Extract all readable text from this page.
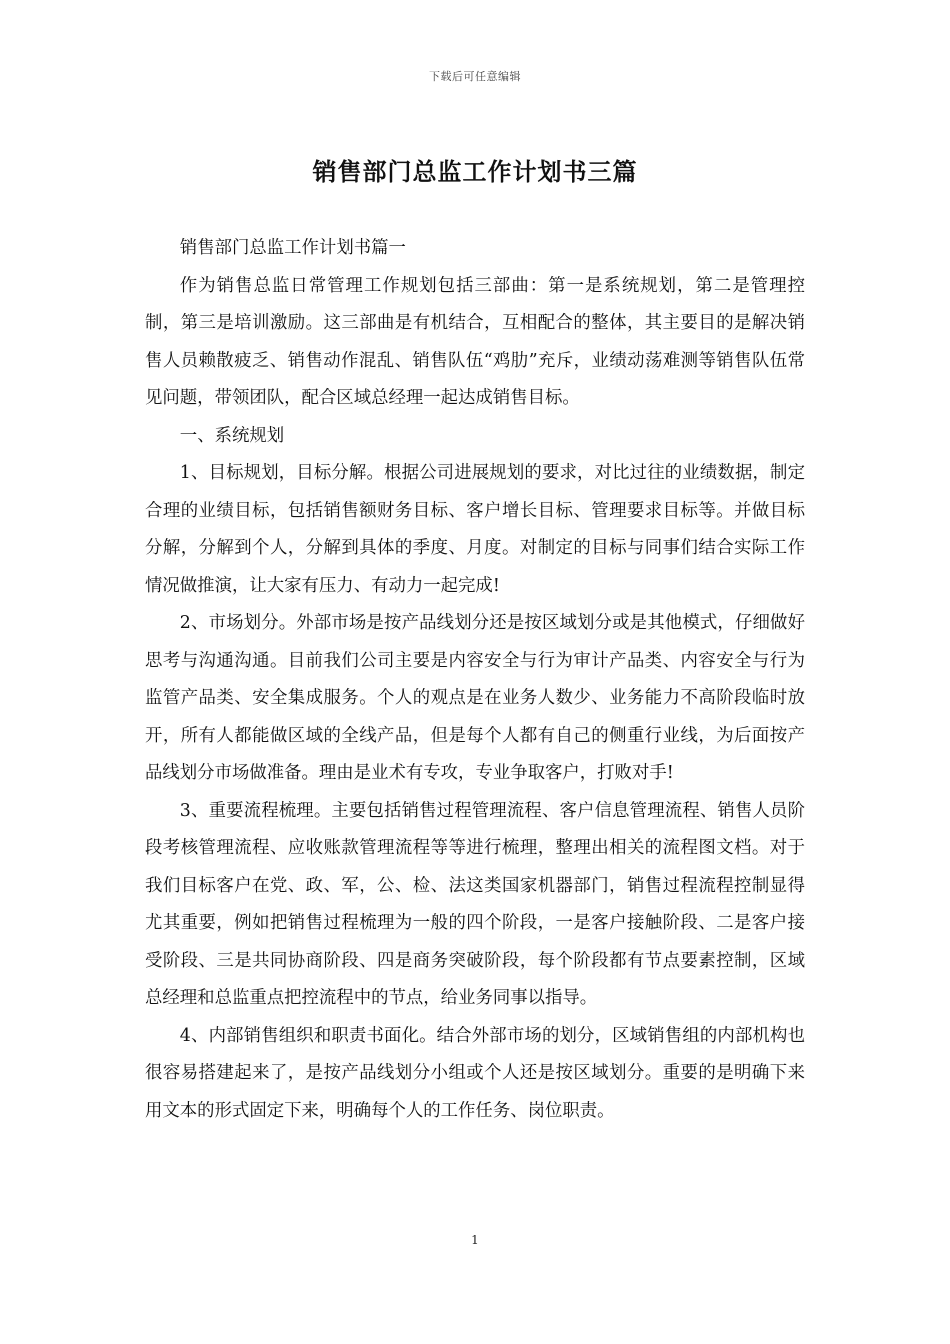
下载后可任意编辑
销售部门总监工作计划书三篇

销售部门总监工作计划书篇一

作为销售总监日常管理工作规划包括三部曲：第一是系统规划，第二是管理控制，第三是培训激励。这三部曲是有机结合，互相配合的整体，其主要目的是解决销售人员赖散疲乏、销售动作混乱、销售队伍“鸡肋”充斥，业绩动荡难测等销售队伍常见问题，带领团队，配合区域总经理一起达成销售目标。

一、系统规划

1、目标规划，目标分解。根据公司进展规划的要求，对比过往的业绩数据，制定合理的业绩目标，包括销售额财务目标、客户增长目标、管理要求目标等。并做目标分解，分解到个人，分解到具体的季度、月度。对制定的目标与同事们结合实际工作情况做推演，让大家有压力、有动力一起完成!

2、市场划分。外部市场是按产品线划分还是按区域划分或是其他模式，仔细做好思考与沟通沟通。目前我们公司主要是内容安全与行为审计产品类、内容安全与行为监管产品类、安全集成服务。个人的观点是在业务人数少、业务能力不高阶段临时放开，所有人都能做区域的全线产品，但是每个人都有自己的侧重行业线，为后面按产品线划分市场做准备。理由是业术有专攻，专业争取客户，打败对手!

3、重要流程梳理。主要包括销售过程管理流程、客户信息管理流程、销售人员阶段考核管理流程、应收账款管理流程等等进行梳理，整理出相关的流程图文档。对于我们目标客户在党、政、军，公、检、法这类国家机器部门，销售过程流程控制显得尤其重要，例如把销售过程梳理为一般的四个阶段，一是客户接触阶段、二是客户接受阶段、三是共同协商阶段、四是商务突破阶段，每个阶段都有节点要素控制，区域总经理和总监重点把控流程中的节点，给业务同事以指导。

4、内部销售组织和职责书面化。结合外部市场的划分，区域销售组的内部机构也很容易搭建起来了，是按产品线划分小组或个人还是按区域划分。重要的是明确下来用文本的形式固定下来，明确每个人的工作任务、岗位职责。

1
